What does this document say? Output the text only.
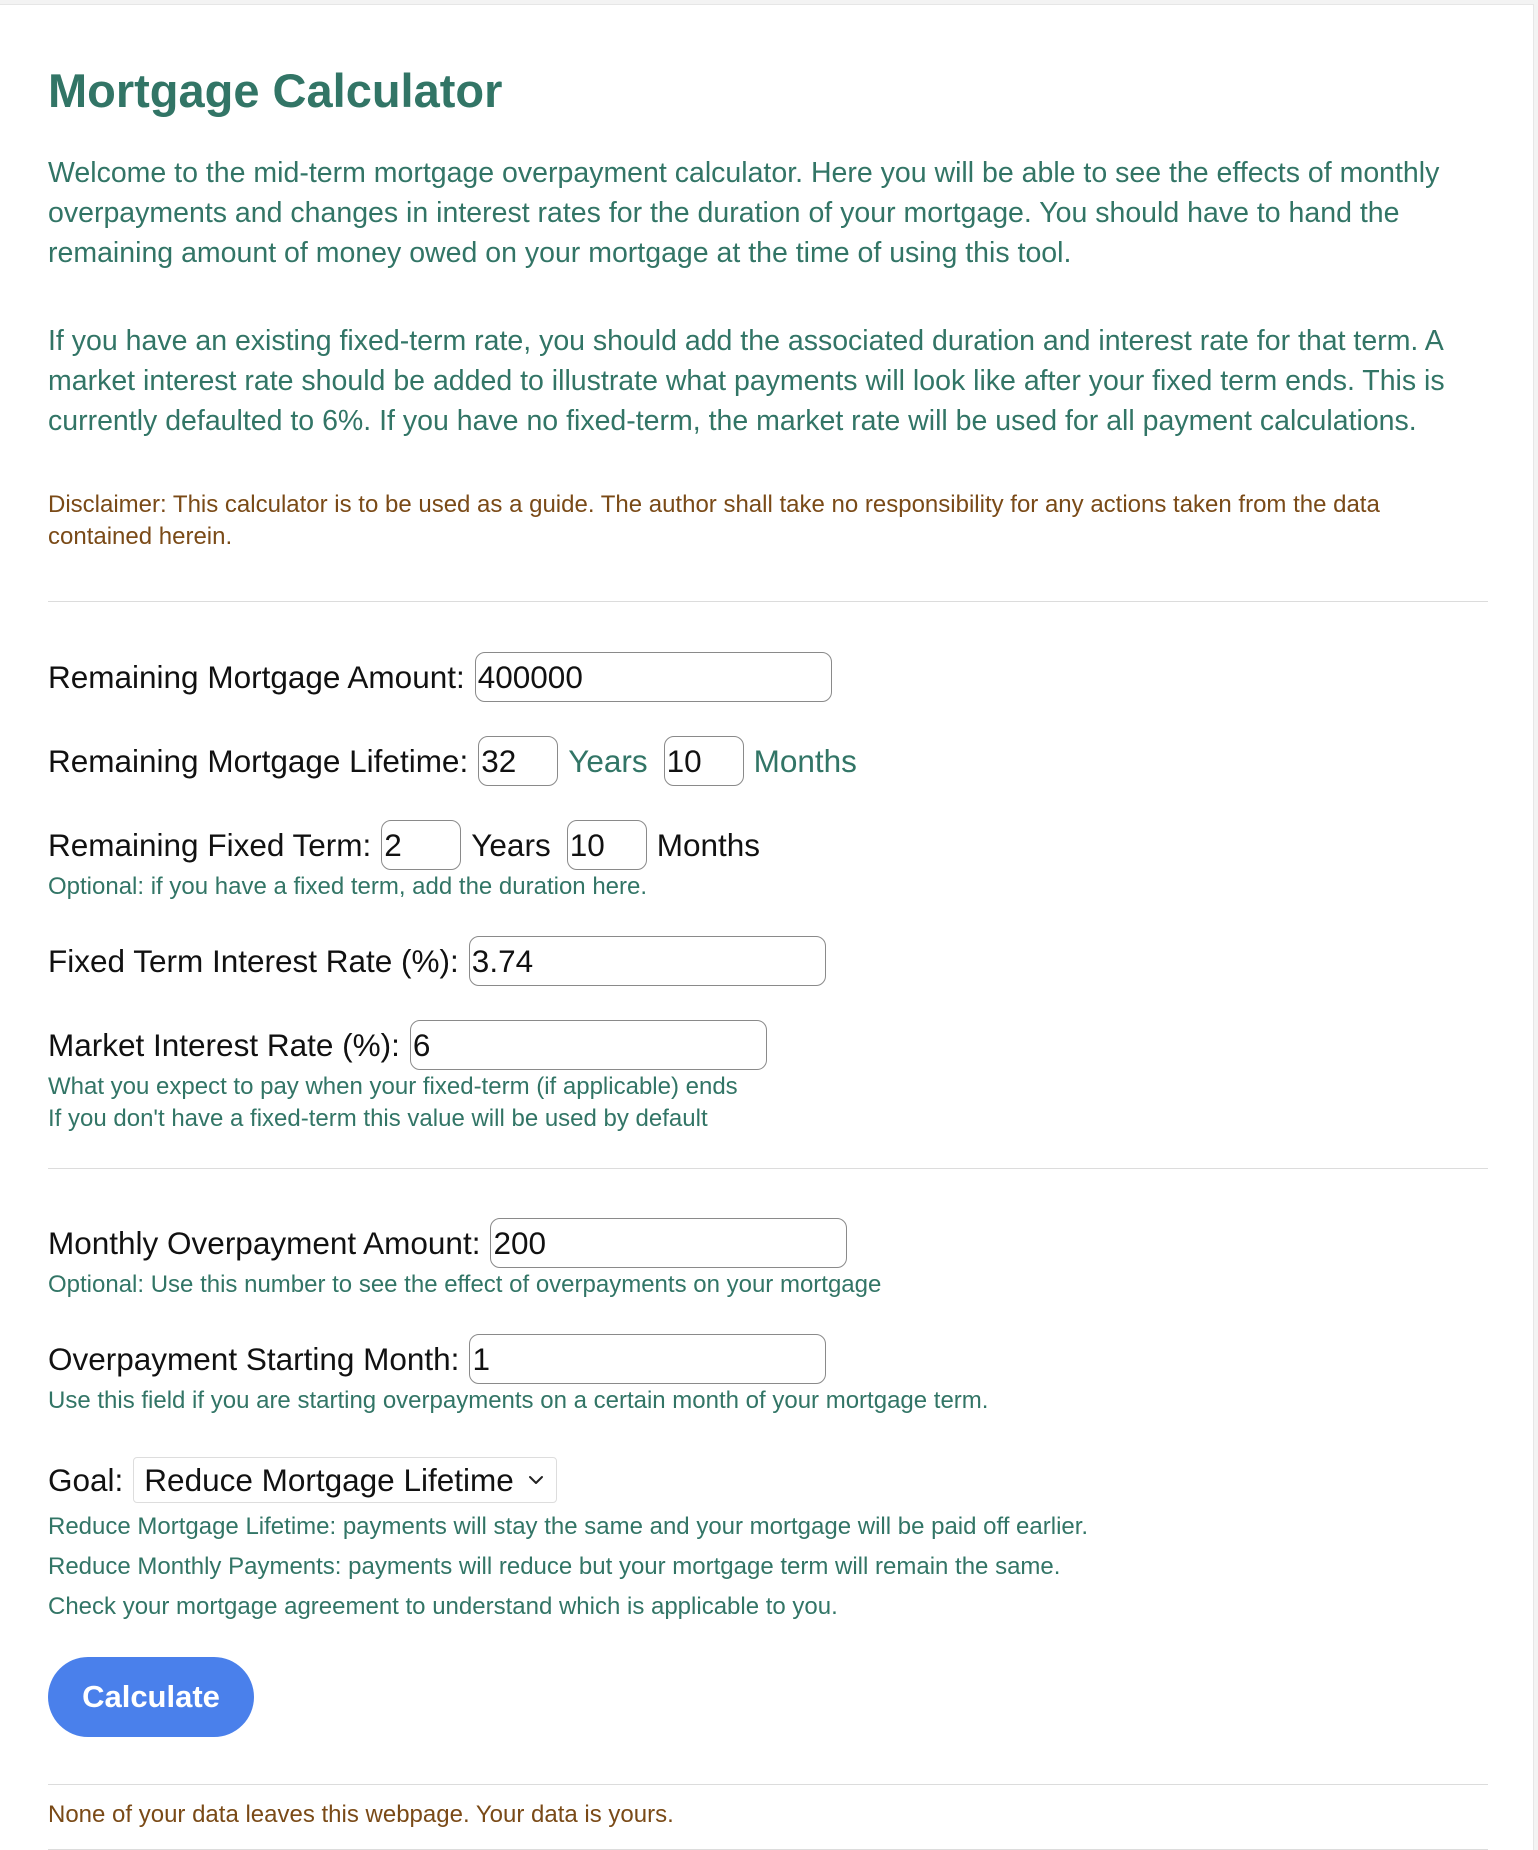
Mortgage Calculator

Welcome to the mid-term mortgage overpayment calculator. Here you will be able to see the effects of monthly overpayments and changes in interest rates for the duration of your mortgage. You should have to hand the remaining amount of money owed on your mortgage at the time of using this tool.

If you have an existing fixed-term rate, you should add the associated duration and interest rate for that term. A market interest rate should be added to illustrate what payments will look like after your fixed term ends. This is currently defaulted to 6%. If you have no fixed-term, the market rate will be used for all payment calculations.

Disclaimer: This calculator is to be used as a guide. The author shall take no responsibility for any actions taken from the data contained herein.

Remaining Mortgage Amount:
400000
Remaining Mortgage Lifetime:
32	Years
10	Months
Remaining Fixed Term:
2	Years
10	Months

Optional: if you have a fixed term, add the duration here.

Fixed Term Interest Rate (%):
3.74
Market Interest Rate (%):
6

What you expect to pay when your fixed-term (if applicable) ends

If you don't have a fixed-term this value will be used by default

Monthly Overpayment Amount:
200

Optional: Use this number to see the effect of overpayments on your mortgage

Overpayment Starting Month:
1

Use this field if you are starting overpayments on a certain month of your mortgage term.

Goal: Reduce Mortgage Lifetime

Reduce Mortgage Lifetime: payments will stay the same and your mortgage will be paid off earlier.

Reduce Monthly Payments: payments will reduce but your mortgage term will remain the same.

Check your mortgage agreement to understand which is applicable to you.

Calculate

None of your data leaves this webpage. Your data is yours.
